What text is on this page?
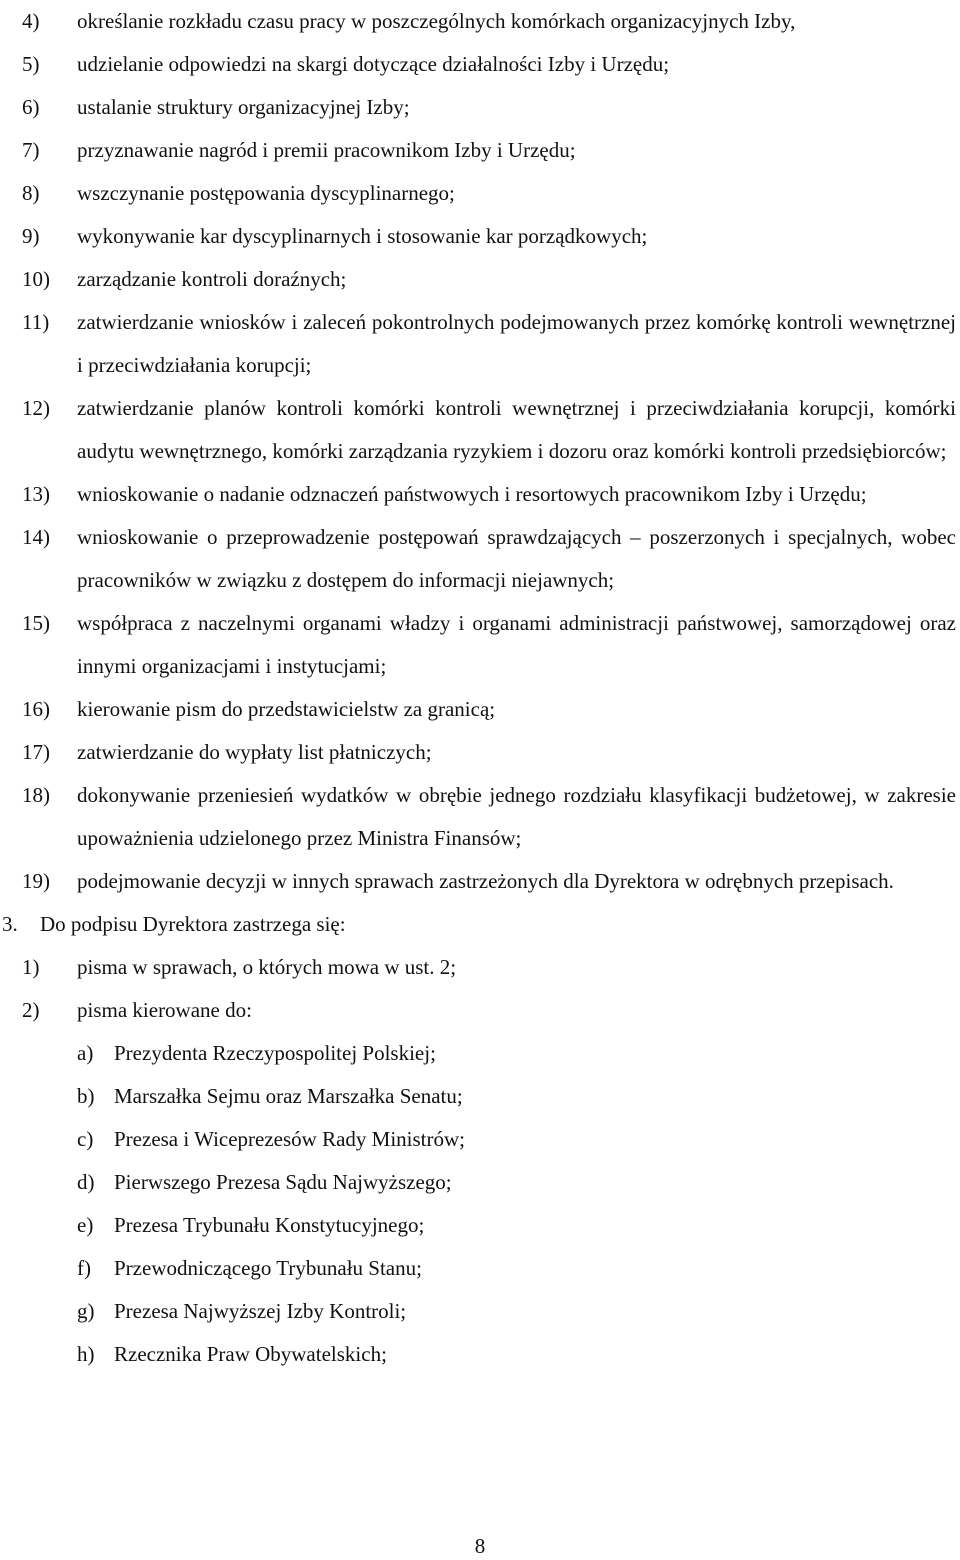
4) określanie rozkładu czasu pracy w poszczególnych komórkach organizacyjnych Izby,
5) udzielanie odpowiedzi na skargi dotyczące działalności Izby i Urzędu;
6) ustalanie struktury organizacyjnej Izby;
7) przyznawanie nagród i premii pracownikom Izby i Urzędu;
8) wszczynanie postępowania dyscyplinarnego;
9) wykonywanie kar dyscyplinarnych i stosowanie kar porządkowych;
10) zarządzanie kontroli doraźnych;
11) zatwierdzanie wniosków i zaleceń pokontrolnych podejmowanych przez komórkę kontroli wewnętrznej i przeciwdziałania korupcji;
12) zatwierdzanie planów kontroli komórki kontroli wewnętrznej i przeciwdziałania korupcji, komórki audytu wewnętrznego, komórki zarządzania ryzykiem i dozoru oraz komórki kontroli przedsiębiorców;
13) wnioskowanie o nadanie odznaczeń państwowych i resortowych pracownikom Izby i Urzędu;
14) wnioskowanie o przeprowadzenie postępowań sprawdzających – poszerzonych i specjalnych, wobec pracowników w związku z dostępem do informacji niejawnych;
15) współpraca z naczelnymi organami władzy i organami administracji państwowej, samorządowej oraz innymi organizacjami i instytucjami;
16) kierowanie pism do przedstawicielstw za granicą;
17) zatwierdzanie do wypłaty list płatniczych;
18) dokonywanie przeniesień wydatków w obrębie jednego rozdziału klasyfikacji budżetowej, w zakresie upoważnienia udzielonego przez Ministra Finansów;
19) podejmowanie decyzji w innych sprawach zastrzeżonych dla Dyrektora w odrębnych przepisach.
3. Do podpisu Dyrektora zastrzega się:
1) pisma w sprawach, o których mowa w ust. 2;
2) pisma kierowane do:
a) Prezydenta Rzeczypospolitej Polskiej;
b) Marszałka Sejmu oraz Marszałka Senatu;
c) Prezesa i Wiceprezesów Rady Ministrów;
d) Pierwszego Prezesa Sądu Najwyższego;
e) Prezesa Trybunału Konstytucyjnego;
f) Przewodniczącego Trybunału Stanu;
g) Prezesa Najwyższej Izby Kontroli;
h) Rzecznika Praw Obywatelskich;
8
